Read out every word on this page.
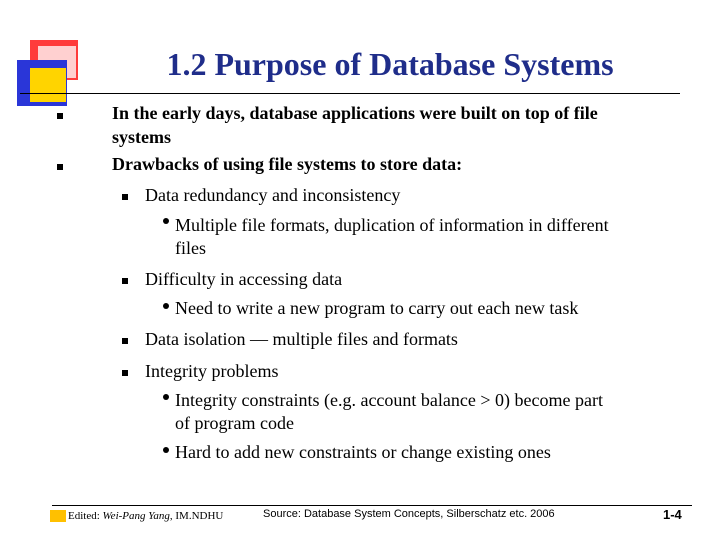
1.2 Purpose of Database Systems
In the early days, database applications were built on top of file
systems
Drawbacks of using file systems to store data:
Data redundancy and inconsistency
Multiple file formats, duplication of information in different
files
Difficulty in accessing data
Need to write a new program to carry out each new task
Data isolation — multiple files and formats
Integrity problems
Integrity constraints (e.g. account balance > 0) become part
of program code
Hard to add new constraints or change existing ones
Edited: Wei-Pang Yang, IM.NDHU	Source: Database System Concepts, Silberschatz etc. 2006	1-4
